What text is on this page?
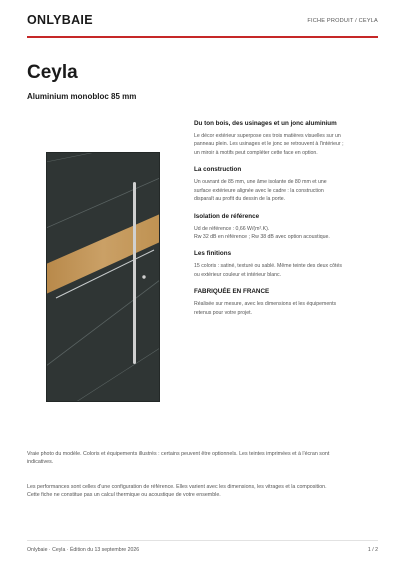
ONLYBAIE	FICHE PRODUIT / CEYLA
Ceyla
Aluminium monobloc 85 mm
Du ton bois, des usinages et un jonc aluminium

Le décor extérieur superpose ces trois matières visuelles sur un
panneau plein. Les usinages et le jonc se retrouvent à l'intérieur ;
un miroir à motifs peut compléter cette face en option.

La construction

Un ouvrant de 85 mm, une âme isolante de 80 mm et une
surface extérieure alignée avec le cadre : la construction
disparaît au profit du dessin de la porte.

Isolation de référence

Ud de référence : 0,66 W/(m².K).
Rw 32 dB en référence ; Rw 38 dB avec option acoustique.

Les finitions

15 coloris : satiné, texturé ou sablé. Même teinte des deux côtés
ou extérieur couleur et intérieur blanc.

FABRIQUÉE EN FRANCE

Réalisée sur mesure, avec les dimensions et les équipements
retenus pour votre projet.

Vraie photo du modèle. Coloris et équipements illustrés : certains peuvent être optionnels. Les teintes imprimées et à l'écran sont
indicatives.

Les performances sont celles d'une configuration de référence. Elles varient avec les dimensions, les vitrages et la composition.
Cette fiche ne constitue pas un calcul thermique ou acoustique de votre ensemble.

Onlybaie · Ceyla · Édition du 13 septembre 2026	1 / 2
